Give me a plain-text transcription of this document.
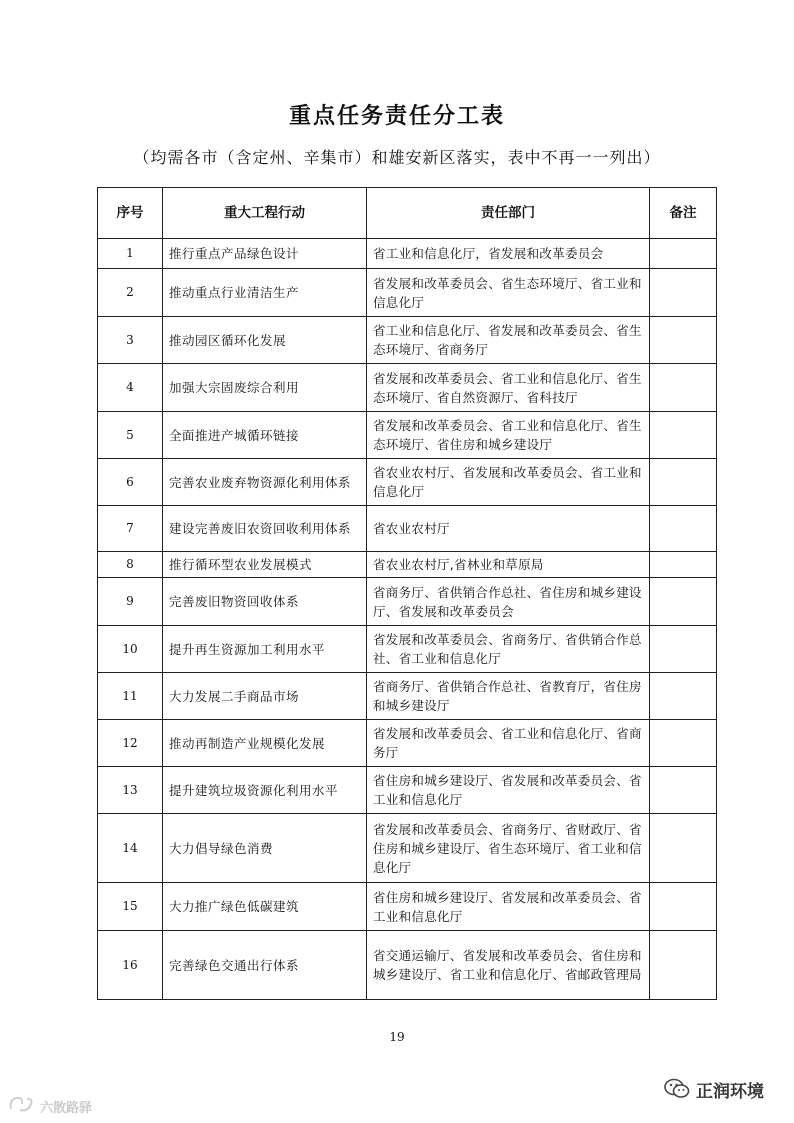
重点任务责任分工表
（均需各市（含定州、辛集市）和雄安新区落实，表中不再一一列出）
序号	重大工程行动	责任部门	备注
1	推行重点产品绿色设计	省工业和信息化厅，省发展和改革委员会	
2	推动重点行业清洁生产	省发展和改革委员会、省生态环境厅、省工业和信息化厅	
3	推动园区循环化发展	省工业和信息化厅、省发展和改革委员会、省生态环境厅、省商务厅	
4	加强大宗固废综合利用	省发展和改革委员会、省工业和信息化厅、省生态环境厅、省自然资源厅、省科技厅	
5	全面推进产城循环链接	省发展和改革委员会、省工业和信息化厅、省生态环境厅、省住房和城乡建设厅	
6	完善农业废弃物资源化利用体系	省农业农村厅、省发展和改革委员会、省工业和信息化厅	
7	建设完善废旧农资回收利用体系	省农业农村厅	
8	推行循环型农业发展模式	省农业农村厅,省林业和草原局	
9	完善废旧物资回收体系	省商务厅、省供销合作总社、省住房和城乡建设厅、省发展和改革委员会	
10	提升再生资源加工利用水平	省发展和改革委员会、省商务厅、省供销合作总社、省工业和信息化厅	
11	大力发展二手商品市场	省商务厅、省供销合作总社、省教育厅，省住房和城乡建设厅	
12	推动再制造产业规模化发展	省发展和改革委员会、省工业和信息化厅、省商务厅	
13	提升建筑垃圾资源化利用水平	省住房和城乡建设厅、省发展和改革委员会、省工业和信息化厅	
14	大力倡导绿色消费	省发展和改革委员会、省商务厅、省财政厅、省住房和城乡建设厅、省生态环境厅、省工业和信息化厅	
15	大力推广绿色低碳建筑	省住房和城乡建设厅、省发展和改革委员会、省工业和信息化厅	
16	完善绿色交通出行体系	省交通运输厅、省发展和改革委员会、省住房和城乡建设厅、省工业和信息化厅、省邮政管理局	
19
正润环境
六散路驿
